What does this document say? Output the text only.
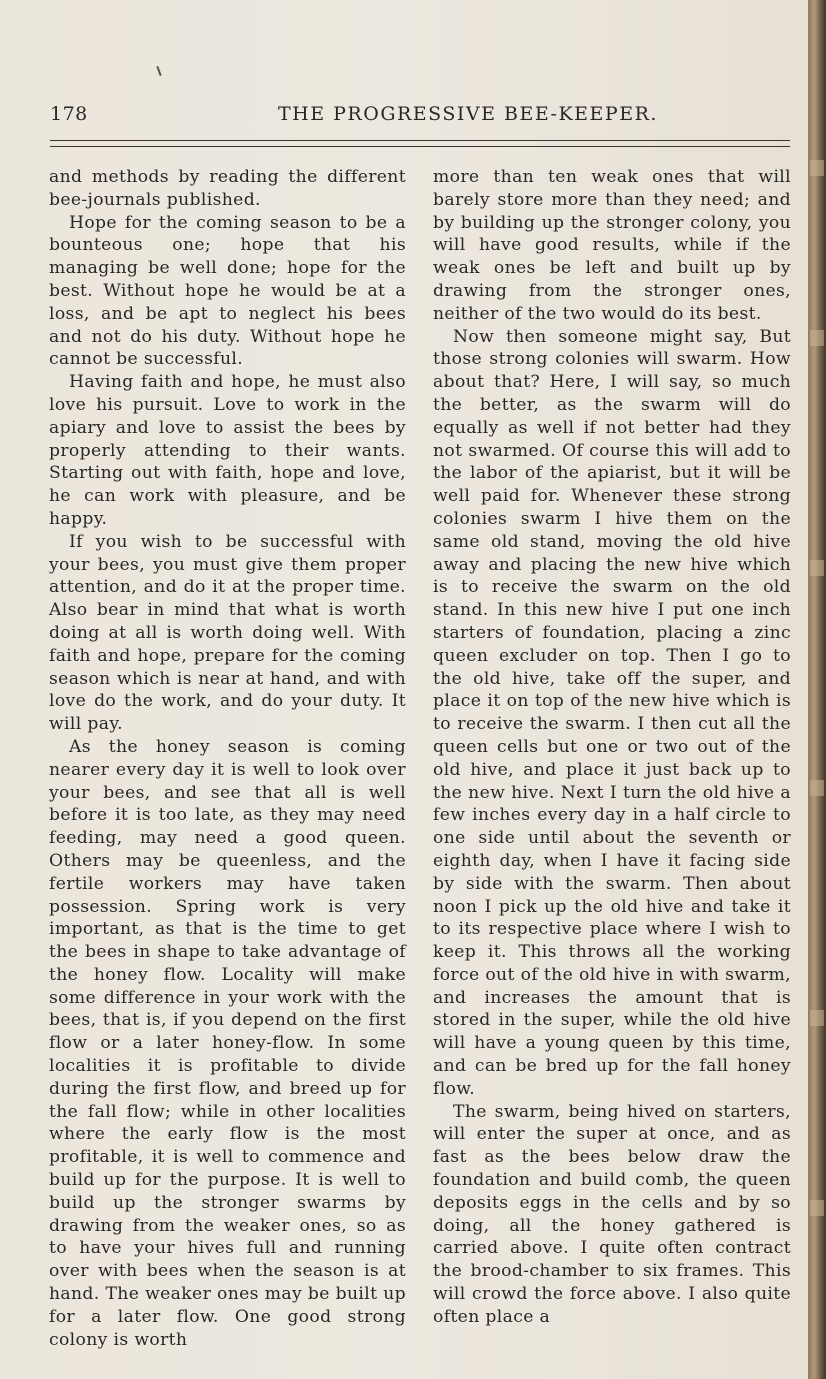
178	THE PROGRESSIVE BEE-KEEPER.

and methods by reading the different bee-journals published.

Hope for the coming season to be a bounteous one; hope that his managing be well done; hope for the best. Without hope he would be at a loss, and be apt to neglect his bees and not do his duty. Without hope he cannot be successful.

Having faith and hope, he must also love his pursuit. Love to work in the apiary and love to assist the bees by properly attending to their wants. Starting out with faith, hope and love, he can work with pleasure, and be happy.

If you wish to be successful with your bees, you must give them proper attention, and do it at the proper time. Also bear in mind that what is worth doing at all is worth doing well. With faith and hope, prepare for the coming season which is near at hand, and with love do the work, and do your duty. It will pay.

As the honey season is coming nearer every day it is well to look over your bees, and see that all is well before it is too late, as they may need feeding, may need a good queen. Others may be queenless, and the fertile workers may have taken possession. Spring work is very important, as that is the time to get the bees in shape to take advantage of the honey flow. Locality will make some difference in your work with the bees, that is, if you depend on the first flow or a later honey-flow. In some localities it is profitable to divide during the first flow, and breed up for the fall flow; while in other localities where the early flow is the most profitable, it is well to commence and build up for the purpose. It is well to build up the stronger swarms by drawing from the weaker ones, so as to have your hives full and running over with bees when the season is at hand. The weaker ones may be built up for a later flow. One good strong colony is worth

more than ten weak ones that will barely store more than they need; and by building up the stronger colony, you will have good results, while if the weak ones be left and built up by drawing from the stronger ones, neither of the two would do its best.

Now then someone might say, But those strong colonies will swarm. How about that? Here, I will say, so much the better, as the swarm will do equally as well if not better had they not swarmed. Of course this will add to the labor of the apiarist, but it will be well paid for. Whenever these strong colonies swarm I hive them on the same old stand, moving the old hive away and placing the new hive which is to receive the swarm on the old stand. In this new hive I put one inch starters of foundation, placing a zinc queen excluder on top. Then I go to the old hive, take off the super, and place it on top of the new hive which is to receive the swarm. I then cut all the queen cells but one or two out of the old hive, and place it just back up to the new hive. Next I turn the old hive a few inches every day in a half circle to one side until about the seventh or eighth day, when I have it facing side by side with the swarm. Then about noon I pick up the old hive and take it to its respective place where I wish to keep it. This throws all the working force out of the old hive in with swarm, and increases the amount that is stored in the super, while the old hive will have a young queen by this time, and can be bred up for the fall honey flow.

The swarm, being hived on starters, will enter the super at once, and as fast as the bees below draw the foundation and build comb, the queen deposits eggs in the cells and by so doing, all the honey gathered is carried above. I quite often contract the brood-chamber to six frames. This will crowd the force above. I also quite often place a
